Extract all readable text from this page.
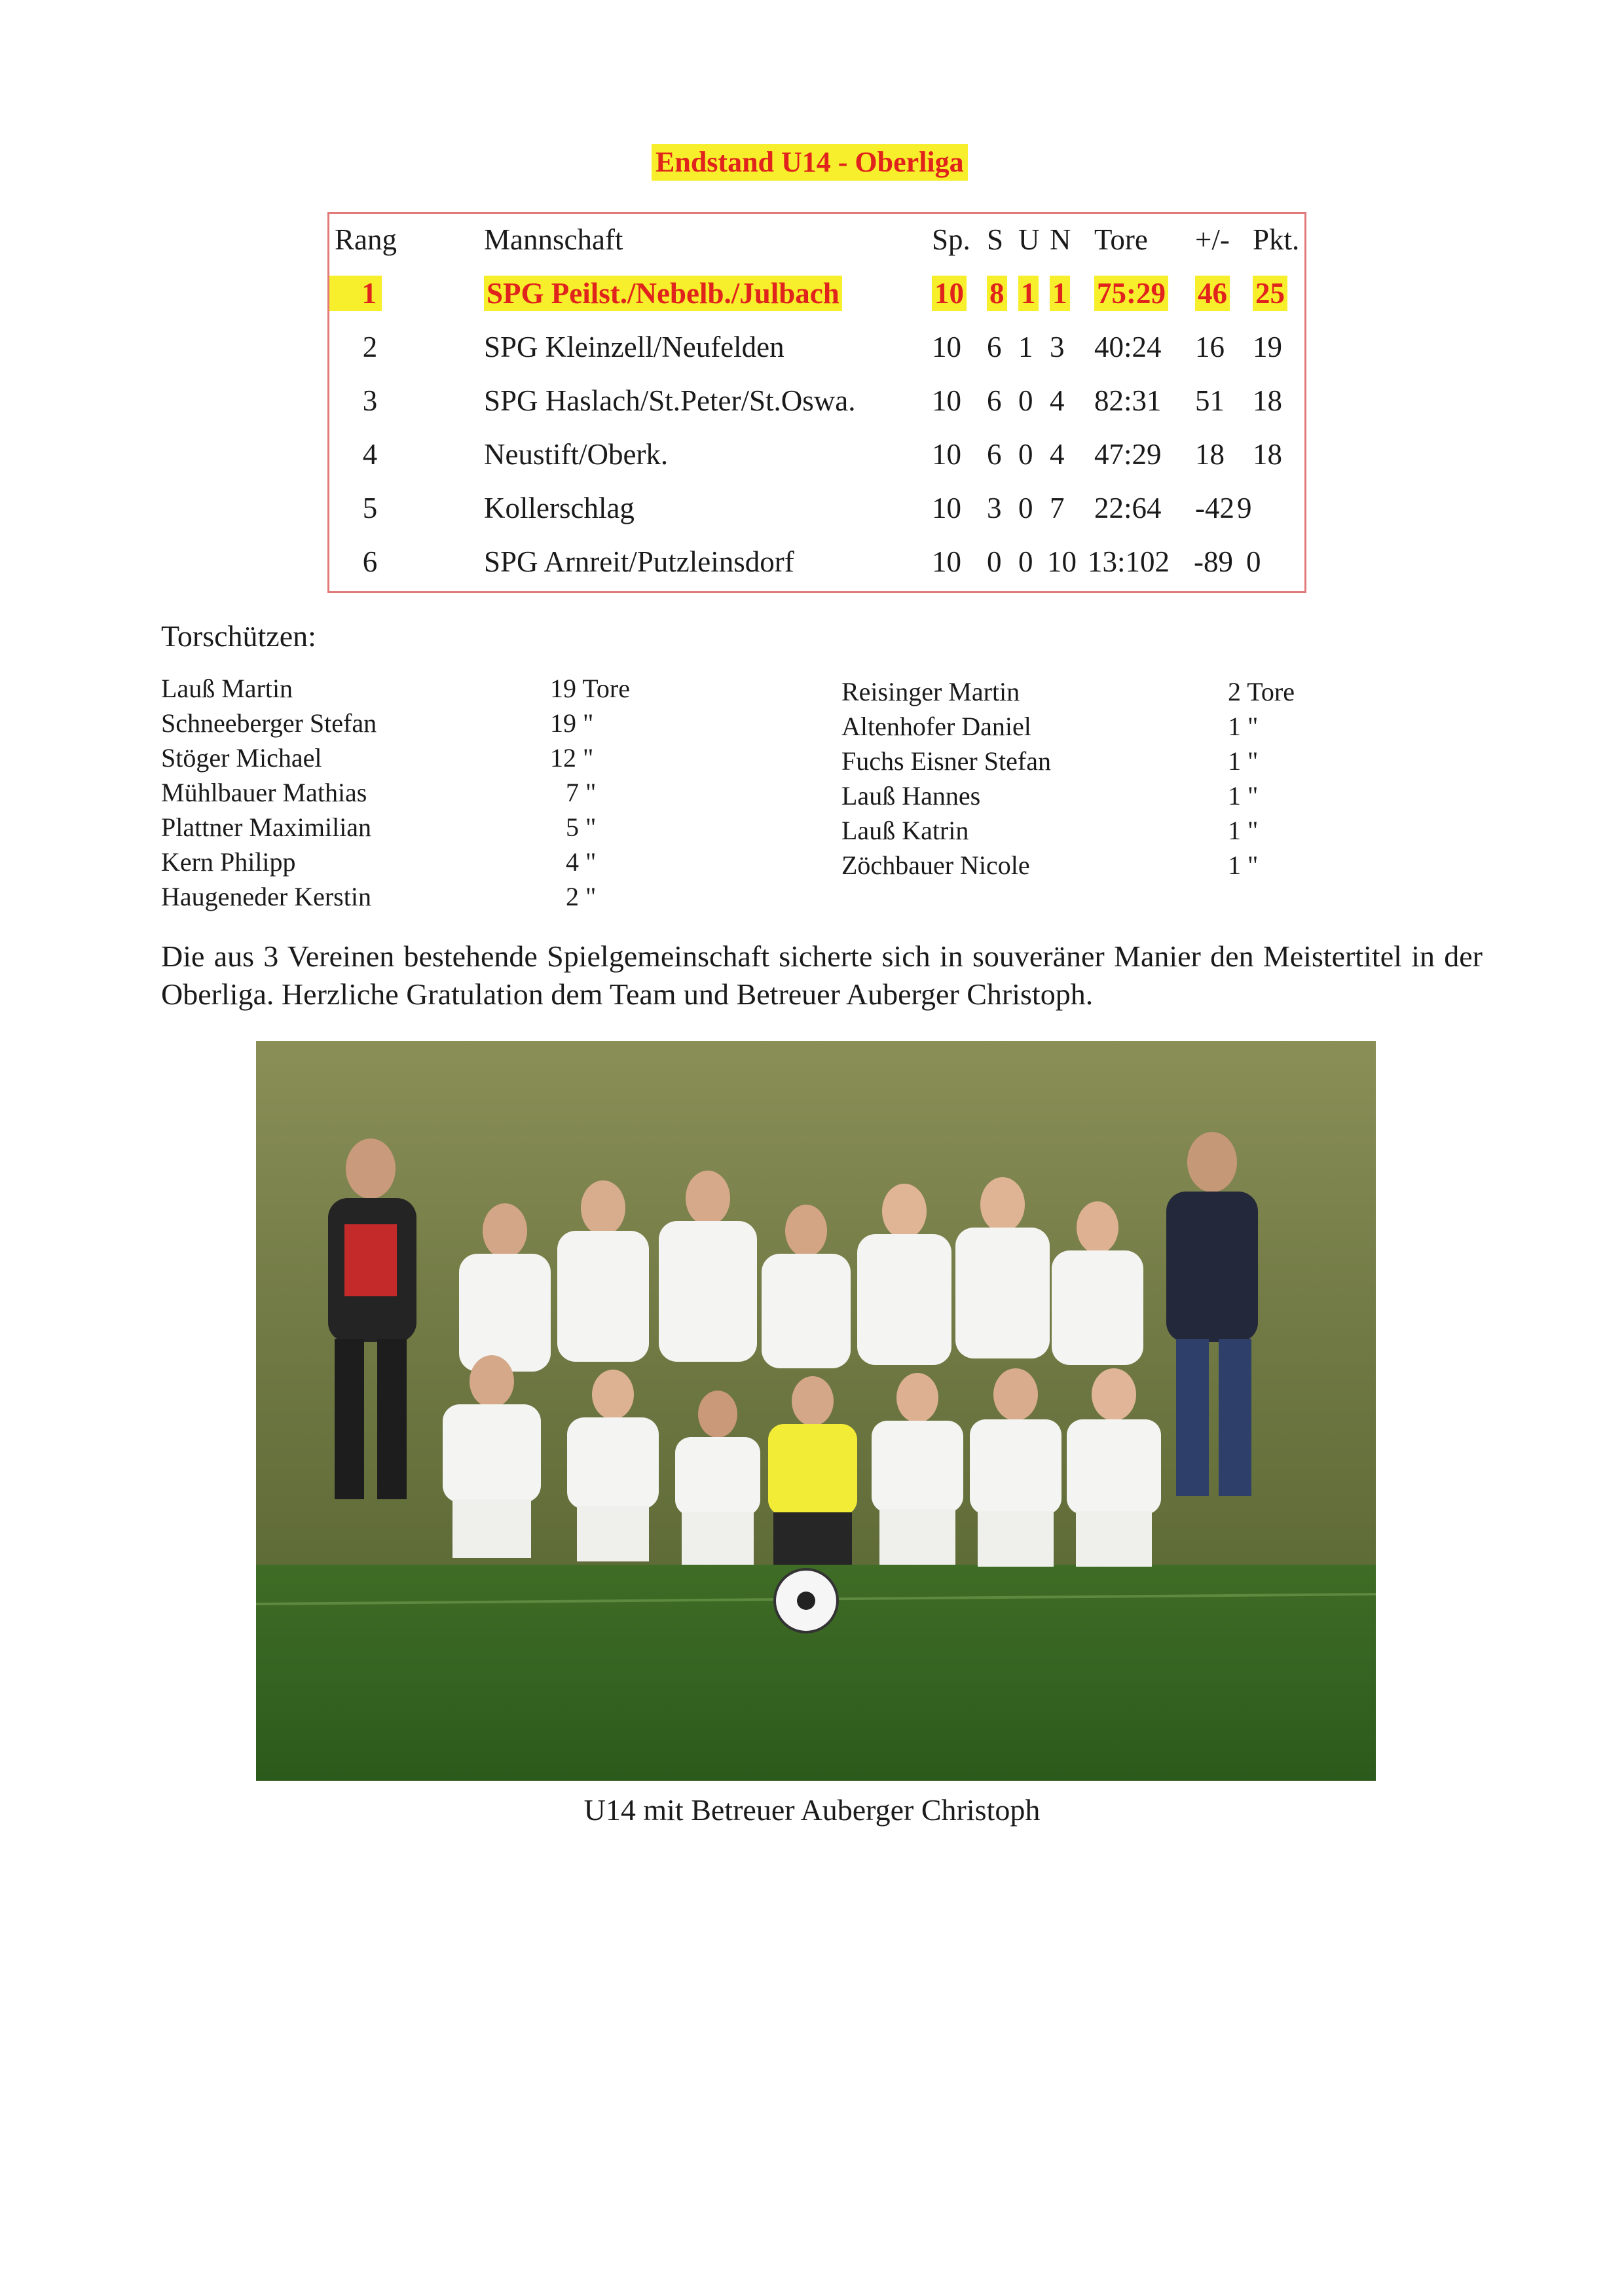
Endstand U14 - Oberliga
Rang	Mannschaft	Sp. S U N Tore +/- Pkt.
1	SPG Peilst./Nebelb./Julbach	10 8 1 1 75:29 46 25
2	SPG Kleinzell/Neufelden	10 6 1 3 40:24 16 19
3	SPG Haslach/St.Peter/St.Oswa.	10 6 0 4 82:31 51 18
4	Neustift/Oberk.	10 6 0 4 47:29 18 18
5	Kollerschlag	10 3 0 7 22:64 -42 9
6	SPG Arnreit/Putzleinsdorf	10 0 0 10 13:102 -89 0
Torschützen:
Lauß Martin	19 Tore
Schneeberger Stefan	19 "
Stöger Michael	12 "
Mühlbauer Mathias	7 "
Plattner Maximilian	5 "
Kern Philipp	4 "
Haugeneder Kerstin	2 "
Reisinger Martin	2 Tore
Altenhofer Daniel	1 "
Fuchs Eisner Stefan	1 "
Lauß Hannes	1 "
Lauß Katrin	1 "
Zöchbauer Nicole	1 "
Die aus 3 Vereinen bestehende Spielgemeinschaft sicherte sich in souveräner Manier den Meistertitel in der Oberliga. Herzliche Gratulation dem Team und Betreuer Auberger Christoph.
U14 mit Betreuer Auberger Christoph
